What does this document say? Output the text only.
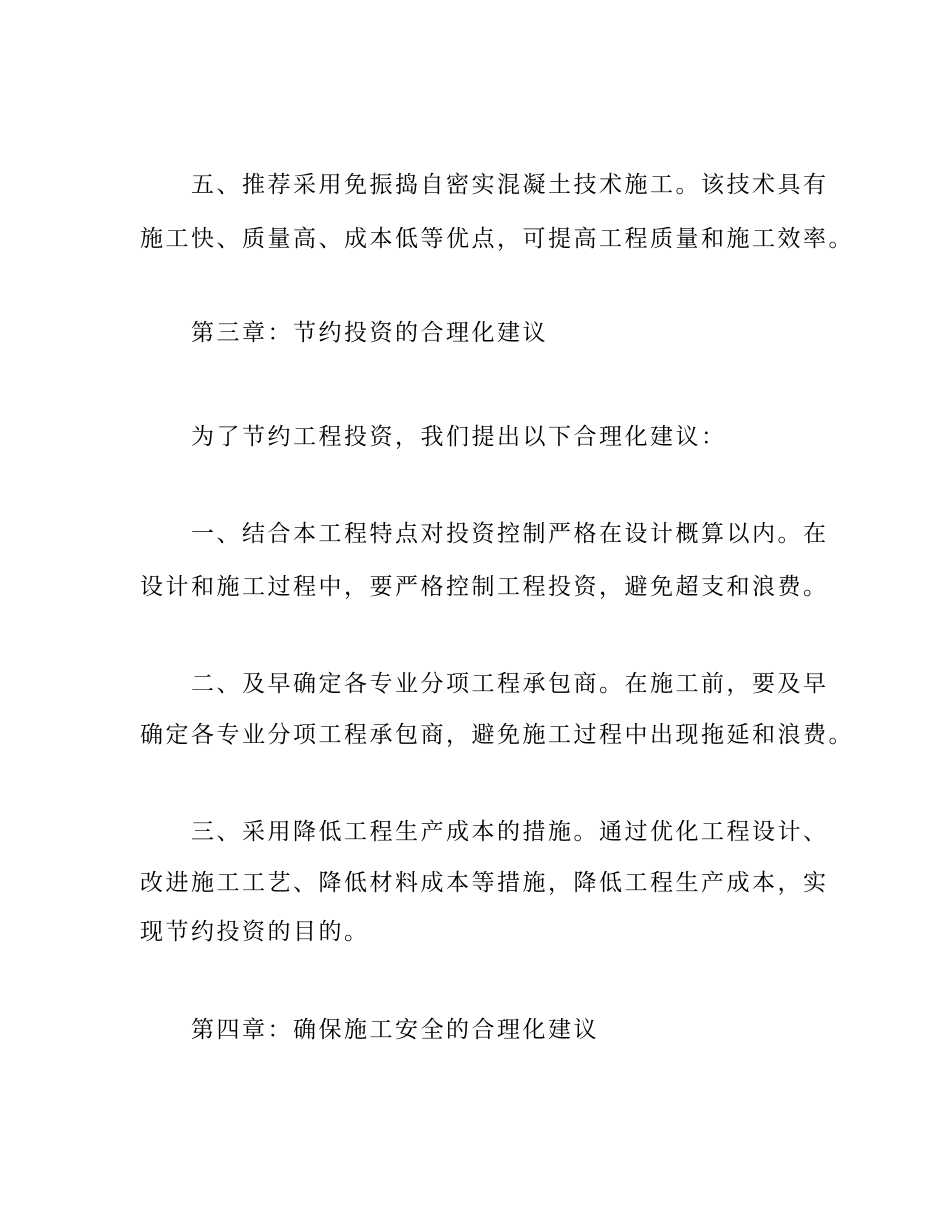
五、推荐采用免振捣自密实混凝土技术施工。该技术具有
施工快、质量高、成本低等优点，可提高工程质量和施工效率。
第三章：节约投资的合理化建议
为了节约工程投资，我们提出以下合理化建议：
一、结合本工程特点对投资控制严格在设计概算以内。在
设计和施工过程中，要严格控制工程投资，避免超支和浪费。
二、及早确定各专业分项工程承包商。在施工前，要及早
确定各专业分项工程承包商，避免施工过程中出现拖延和浪费。
三、采用降低工程生产成本的措施。通过优化工程设计、
改进施工工艺、降低材料成本等措施，降低工程生产成本，实
现节约投资的目的。
第四章：确保施工安全的合理化建议
